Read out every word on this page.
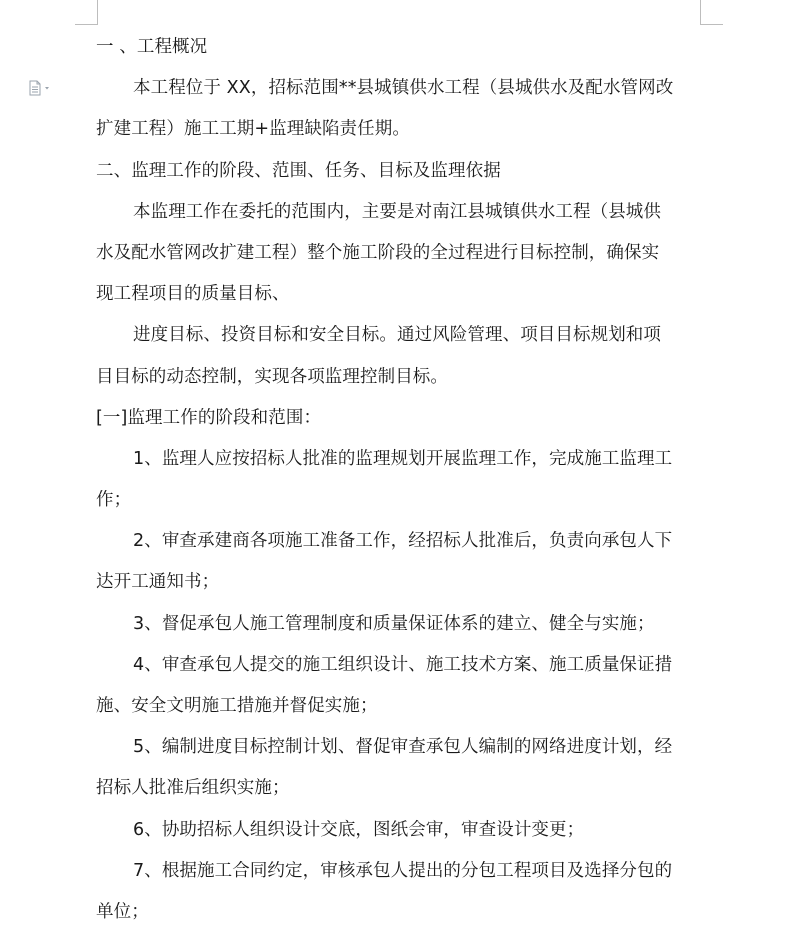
一 、工程概况
本工程位于 XX，招标范围**县城镇供水工程（县城供水及配水管网改
扩建工程）施工工期+监理缺陷责任期。
二、监理工作的阶段、范围、任务、目标及监理依据
本监理工作在委托的范围内，主要是对南江县城镇供水工程（县城供
水及配水管网改扩建工程）整个施工阶段的全过程进行目标控制，确保实
现工程项目的质量目标、
进度目标、投资目标和安全目标。通过风险管理、项目目标规划和项
目目标的动态控制，实现各项监理控制目标。
[一]监理工作的阶段和范围：
1、监理人应按招标人批准的监理规划开展监理工作，完成施工监理工
作；
2、审查承建商各项施工准备工作，经招标人批准后，负责向承包人下
达开工通知书；
3、督促承包人施工管理制度和质量保证体系的建立、健全与实施；
4、审查承包人提交的施工组织设计、施工技术方案、施工质量保证措
施、安全文明施工措施并督促实施；
5、编制进度目标控制计划、督促审查承包人编制的网络进度计划，经
招标人批准后组织实施；
6、协助招标人组织设计交底，图纸会审，审查设计变更；
7、根据施工合同约定，审核承包人提出的分包工程项目及选择分包的
单位；
